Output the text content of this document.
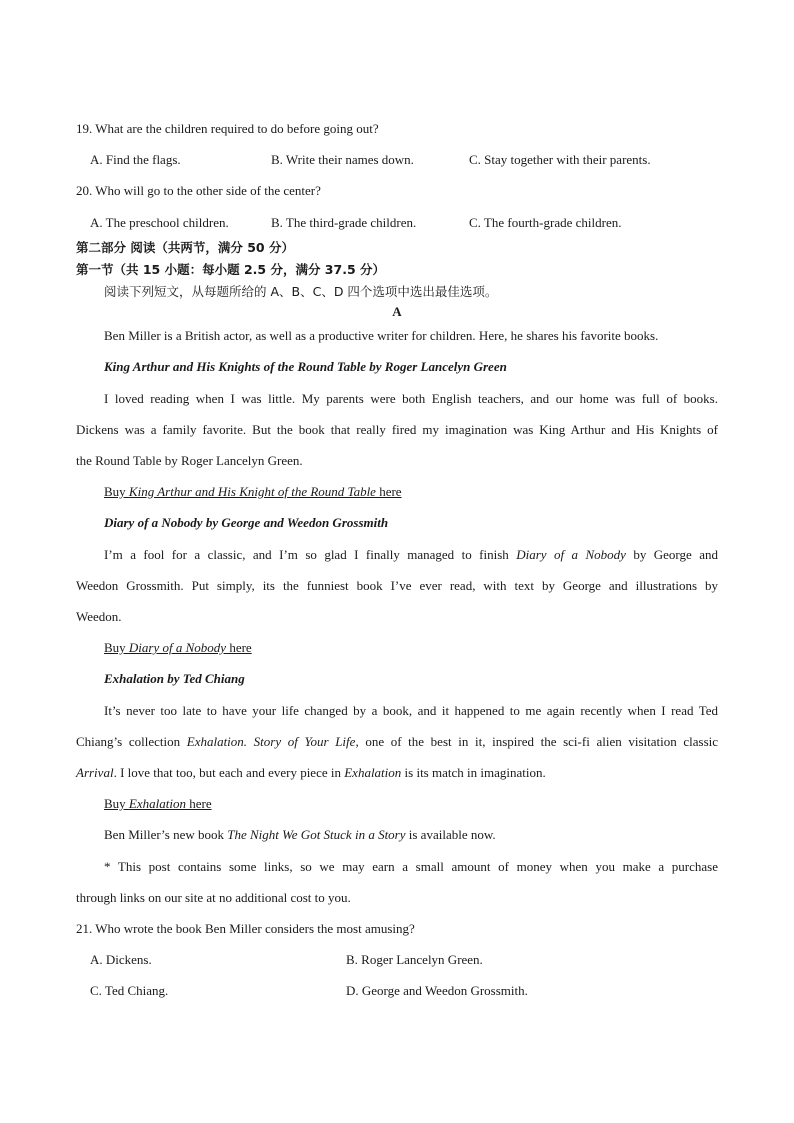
19. What are the children required to do before going out?
A. Find the flags.	B. Write their names down.	C. Stay together with their parents.
20. Who will go to the other side of the center?
A. The preschool children.	B. The third-grade children.	C. The fourth-grade children.
第二部分 阅读（共两节，满分 50 分）
第一节（共 15 小题：每小题 2.5 分，满分 37.5 分）
阅读下列短文，从每题所给的 A、B、C、D 四个选项中选出最佳选项。
A
Ben Miller is a British actor, as well as a productive writer for children. Here, he shares his favorite books.
King Arthur and His Knights of the Round Table by Roger Lancelyn Green
I loved reading when I was little. My parents were both English teachers, and our home was full of books.
Dickens was a family favorite. But the book that really fired my imagination was King Arthur and His Knights of
the Round Table by Roger Lancelyn Green.
Buy King Arthur and His Knight of the Round Table here
Diary of a Nobody by George and Weedon Grossmith
I’m a fool for a classic, and I’m so glad I finally managed to finish Diary of a Nobody by George and
Weedon Grossmith. Put simply, its the funniest book I’ve ever read, with text by George and illustrations by
Weedon.
Buy Diary of a Nobody here
Exhalation by Ted Chiang
It’s never too late to have your life changed by a book, and it happened to me again recently when I read Ted
Chiang’s collection Exhalation. Story of Your Life, one of the best in it, inspired the sci-fi alien visitation classic
Arrival. I love that too, but each and every piece in Exhalation is its match in imagination.
Buy Exhalation here
Ben Miller’s new book The Night We Got Stuck in a Story is available now.
* This post contains some links, so we may earn a small amount of money when you make a purchase
through links on our site at no additional cost to you.
21. Who wrote the book Ben Miller considers the most amusing?
A. Dickens.	B. Roger Lancelyn Green.
C. Ted Chiang.	D. George and Weedon Grossmith.
